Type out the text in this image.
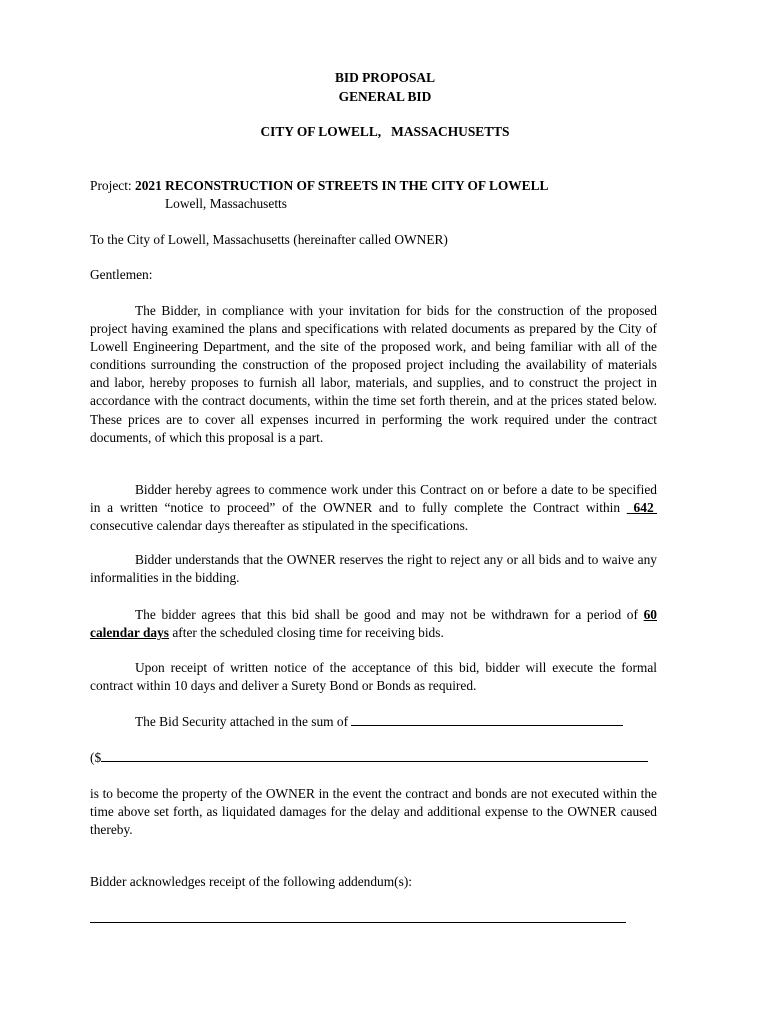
BID PROPOSAL
GENERAL BID
CITY OF LOWELL,   MASSACHUSETTS
Project: 2021 RECONSTRUCTION OF STREETS IN THE CITY OF LOWELL
Lowell, Massachusetts
To the City of Lowell, Massachusetts (hereinafter called OWNER)
Gentlemen:
The Bidder, in compliance with your invitation for bids for the construction of the proposed project having examined the plans and specifications with related documents as prepared by the City of Lowell Engineering Department, and the site of the proposed work, and being familiar with all of the conditions surrounding the construction of the proposed project including the availability of materials and labor, hereby proposes to furnish all labor, materials, and supplies, and to construct the project in accordance with the contract documents, within the time set forth therein, and at the prices stated below. These prices are to cover all expenses incurred in performing the work required under the contract documents, of which this proposal is a part.
Bidder hereby agrees to commence work under this Contract on or before a date to be specified in a written “notice to proceed” of the OWNER and to fully complete the Contract within  642  consecutive calendar days thereafter as stipulated in the specifications.
Bidder understands that the OWNER reserves the right to reject any or all bids and to waive any informalities in the bidding.
The bidder agrees that this bid shall be good and may not be withdrawn for a period of 60 calendar days after the scheduled closing time for receiving bids.
Upon receipt of written notice of the acceptance of this bid, bidder will execute the formal contract within 10 days and deliver a Surety Bond or Bonds as required.
The Bid Security attached in the sum of
($
is to become the property of the OWNER in the event the contract and bonds are not executed within the time above set forth, as liquidated damages for the delay and additional expense to the OWNER caused thereby.
Bidder acknowledges receipt of the following addendum(s):
